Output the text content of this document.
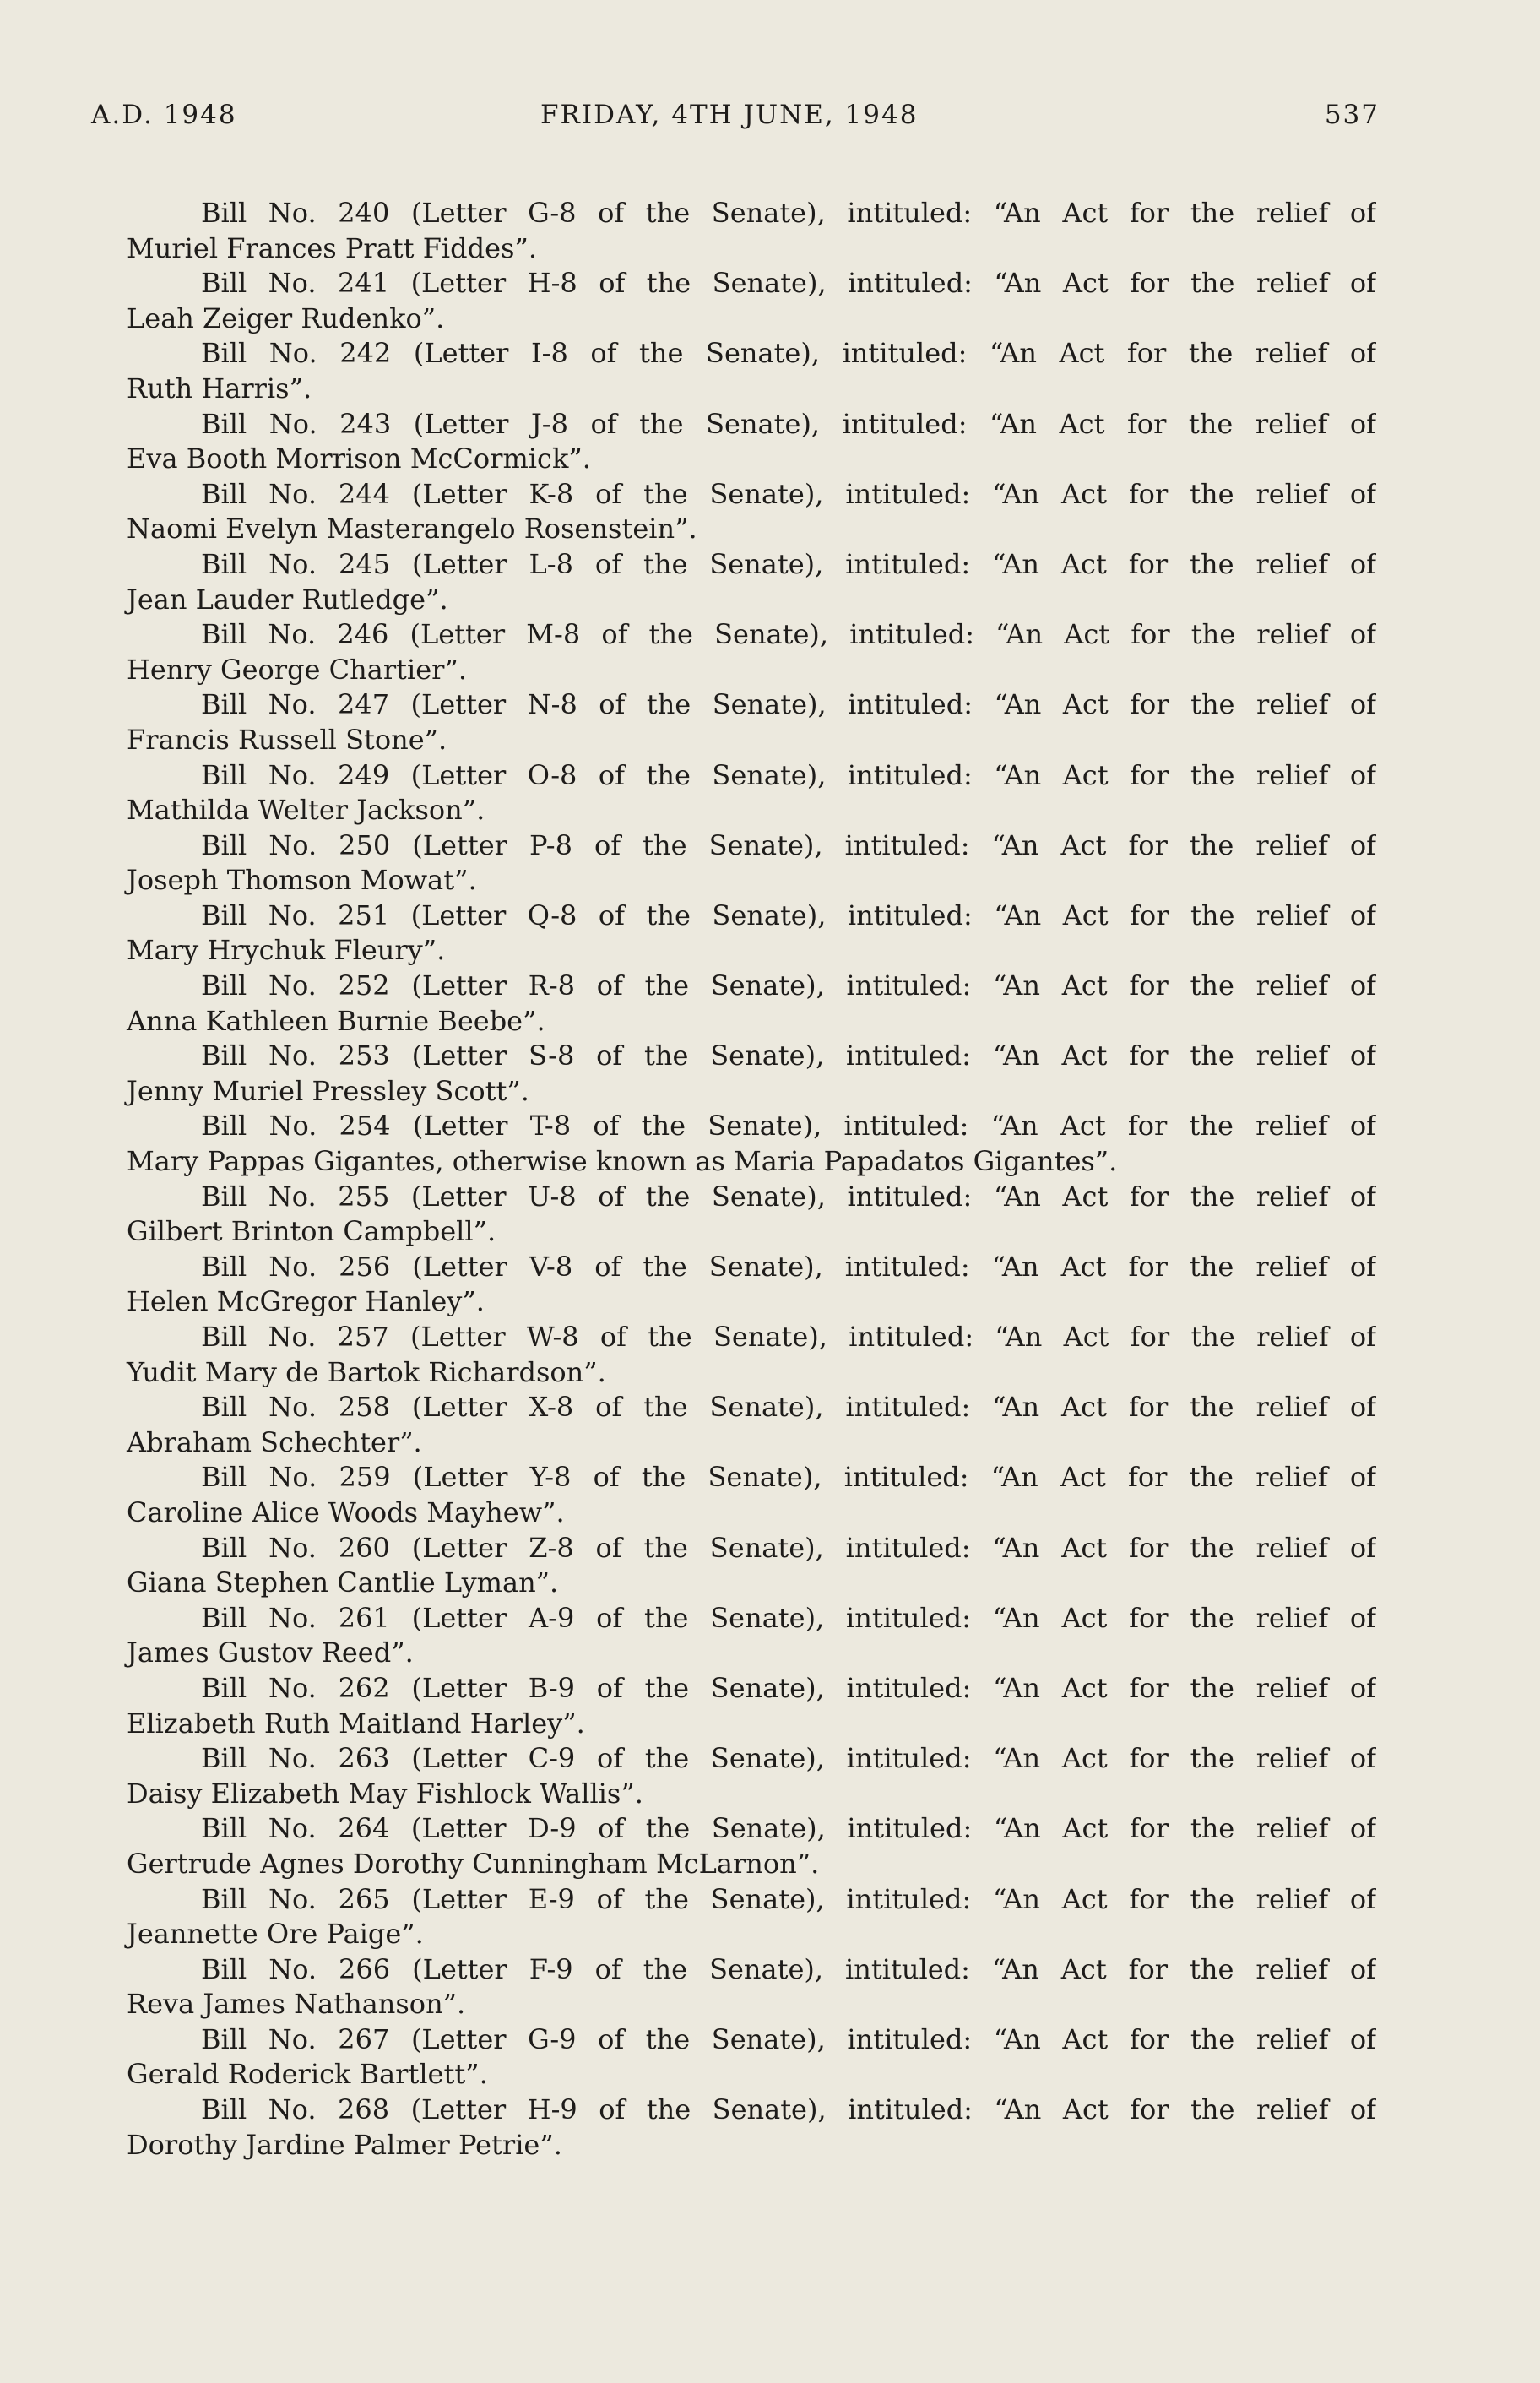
A.D. 1948	FRIDAY, 4TH JUNE, 1948	537
Bill No. 240 (Letter G-8 of the Senate), intituled: “An Act for the relief of
Muriel Frances Pratt Fiddes”.
Bill No. 241 (Letter H-8 of the Senate), intituled: “An Act for the relief of
Leah Zeiger Rudenko”.
Bill No. 242 (Letter I-8 of the Senate), intituled: “An Act for the relief of
Ruth Harris”.
Bill No. 243 (Letter J-8 of the Senate), intituled: “An Act for the relief of
Eva Booth Morrison McCormick”.
Bill No. 244 (Letter K-8 of the Senate), intituled: “An Act for the relief of
Naomi Evelyn Masterangelo Rosenstein”.
Bill No. 245 (Letter L-8 of the Senate), intituled: “An Act for the relief of
Jean Lauder Rutledge”.
Bill No. 246 (Letter M-8 of the Senate), intituled: “An Act for the relief of
Henry George Chartier”.
Bill No. 247 (Letter N-8 of the Senate), intituled: “An Act for the relief of
Francis Russell Stone”.
Bill No. 249 (Letter O-8 of the Senate), intituled: “An Act for the relief of
Mathilda Welter Jackson”.
Bill No. 250 (Letter P-8 of the Senate), intituled: “An Act for the relief of
Joseph Thomson Mowat”.
Bill No. 251 (Letter Q-8 of the Senate), intituled: “An Act for the relief of
Mary Hrychuk Fleury”.
Bill No. 252 (Letter R-8 of the Senate), intituled: “An Act for the relief of
Anna Kathleen Burnie Beebe”.
Bill No. 253 (Letter S-8 of the Senate), intituled: “An Act for the relief of
Jenny Muriel Pressley Scott”.
Bill No. 254 (Letter T-8 of the Senate), intituled: “An Act for the relief of
Mary Pappas Gigantes, otherwise known as Maria Papadatos Gigantes”.
Bill No. 255 (Letter U-8 of the Senate), intituled: “An Act for the relief of
Gilbert Brinton Campbell”.
Bill No. 256 (Letter V-8 of the Senate), intituled: “An Act for the relief of
Helen McGregor Hanley”.
Bill No. 257 (Letter W-8 of the Senate), intituled: “An Act for the relief of
Yudit Mary de Bartok Richardson”.
Bill No. 258 (Letter X-8 of the Senate), intituled: “An Act for the relief of
Abraham Schechter”.
Bill No. 259 (Letter Y-8 of the Senate), intituled: “An Act for the relief of
Caroline Alice Woods Mayhew”.
Bill No. 260 (Letter Z-8 of the Senate), intituled: “An Act for the relief of
Giana Stephen Cantlie Lyman”.
Bill No. 261 (Letter A-9 of the Senate), intituled: “An Act for the relief of
James Gustov Reed”.
Bill No. 262 (Letter B-9 of the Senate), intituled: “An Act for the relief of
Elizabeth Ruth Maitland Harley”.
Bill No. 263 (Letter C-9 of the Senate), intituled: “An Act for the relief of
Daisy Elizabeth May Fishlock Wallis”.
Bill No. 264 (Letter D-9 of the Senate), intituled: “An Act for the relief of
Gertrude Agnes Dorothy Cunningham McLarnon”.
Bill No. 265 (Letter E-9 of the Senate), intituled: “An Act for the relief of
Jeannette Ore Paige”.
Bill No. 266 (Letter F-9 of the Senate), intituled: “An Act for the relief of
Reva James Nathanson”.
Bill No. 267 (Letter G-9 of the Senate), intituled: “An Act for the relief of
Gerald Roderick Bartlett”.
Bill No. 268 (Letter H-9 of the Senate), intituled: “An Act for the relief of
Dorothy Jardine Palmer Petrie”.
